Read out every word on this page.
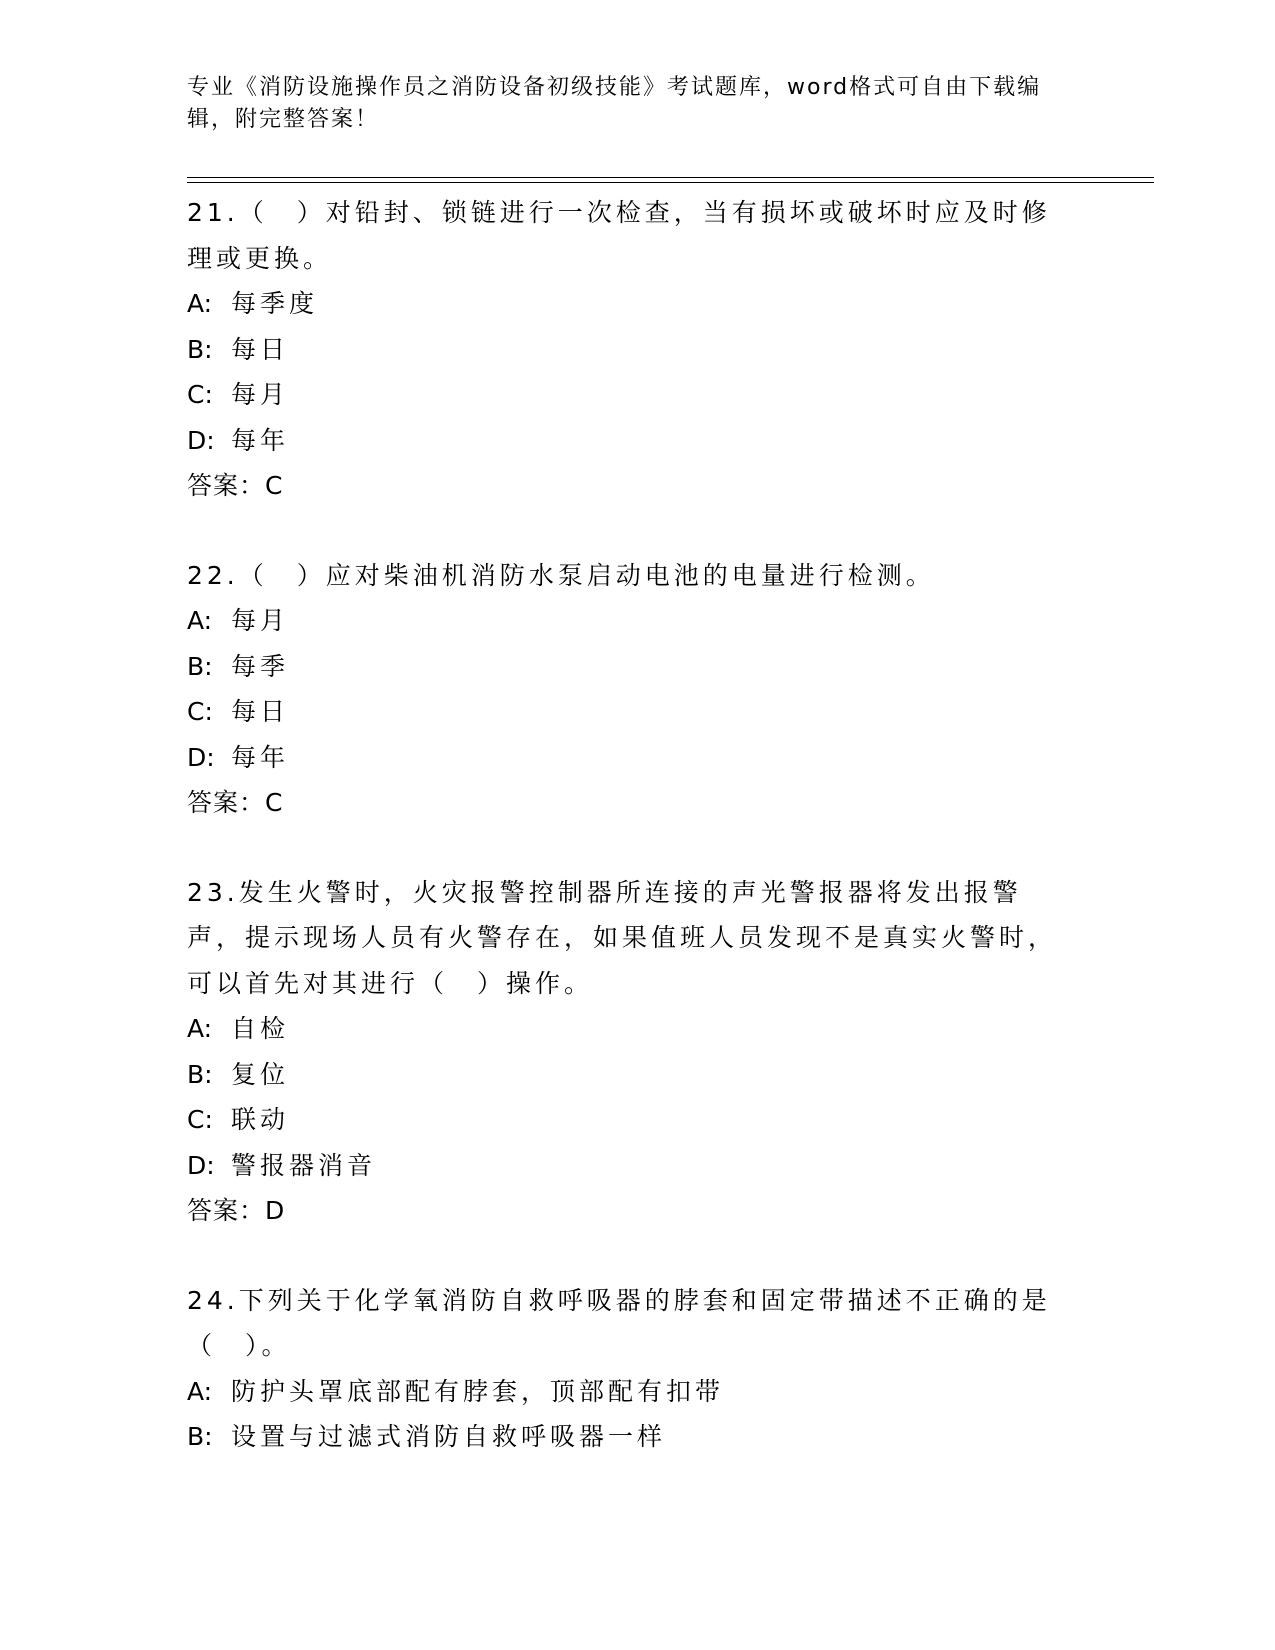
专业《消防设施操作员之消防设备初级技能》考试题库，word格式可自由下载编辑，附完整答案！
21.（　）对铅封、锁链进行一次检查，当有损坏或破坏时应及时修理或更换。
A: 每季度
B: 每日
C: 每月
D: 每年
答案：C
22.（　）应对柴油机消防水泵启动电池的电量进行检测。
A: 每月
B: 每季
C: 每日
D: 每年
答案：C
23.发生火警时，火灾报警控制器所连接的声光警报器将发出报警声，提示现场人员有火警存在，如果值班人员发现不是真实火警时，可以首先对其进行（　）操作。
A: 自检
B: 复位
C: 联动
D: 警报器消音
答案：D
24.下列关于化学氧消防自救呼吸器的脖套和固定带描述不正确的是（　）。
A: 防护头罩底部配有脖套，顶部配有扣带
B: 设置与过滤式消防自救呼吸器一样
